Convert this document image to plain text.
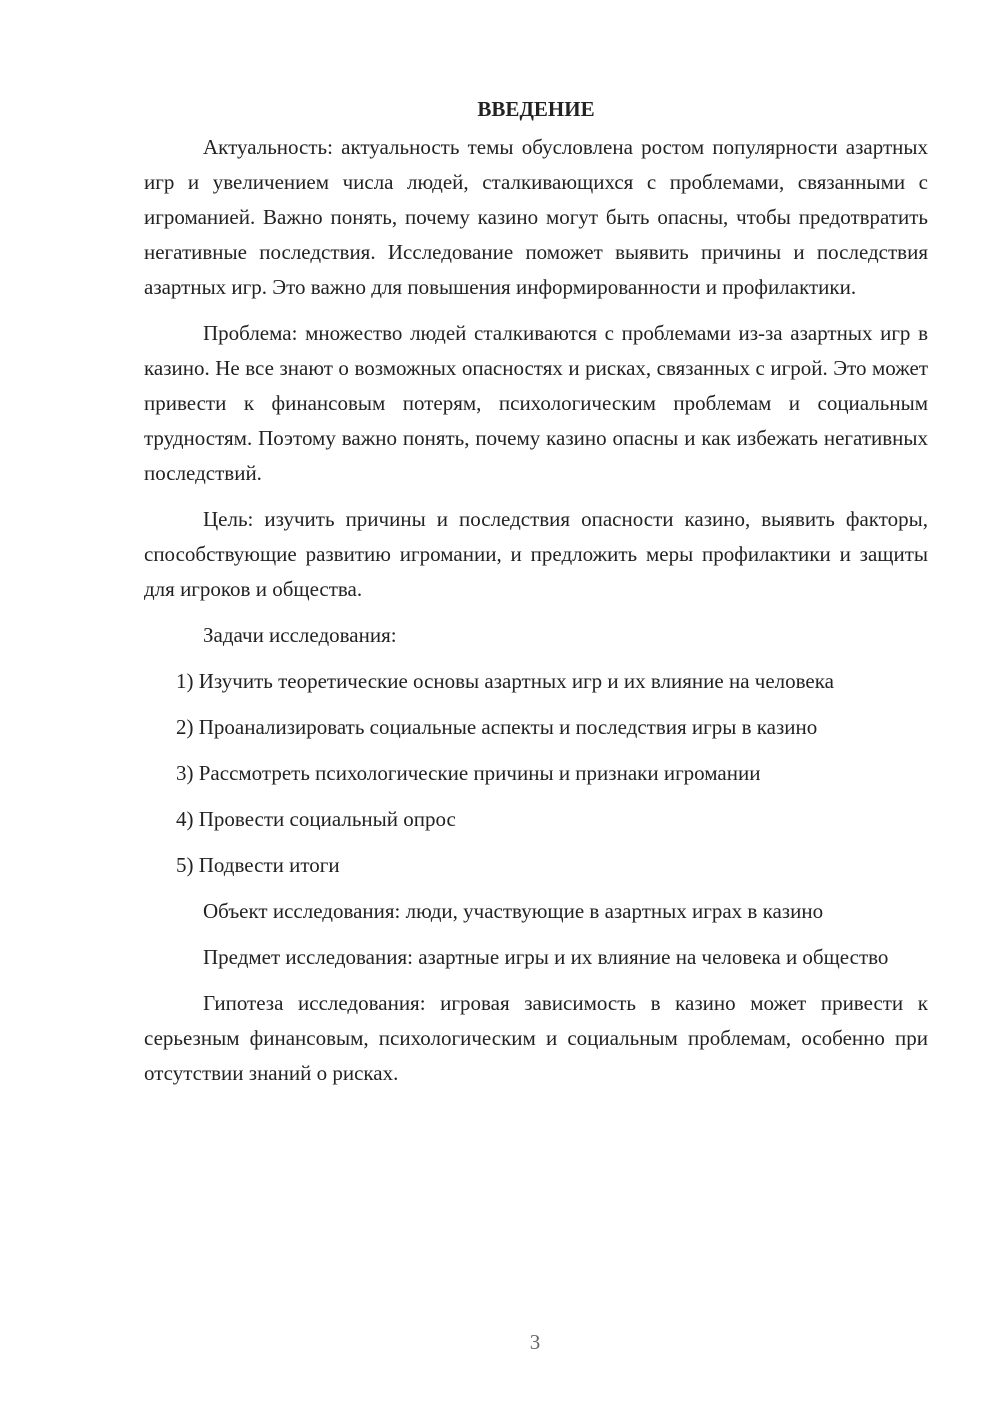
ВВЕДЕНИЕ

Актуальность: актуальность темы обусловлена ростом популярности азартных игр и увеличением числа людей, сталкивающихся с проблемами, связанными с игроманией. Важно понять, почему казино могут быть опасны, чтобы предотвратить негативные последствия. Исследование поможет выявить причины и последствия азартных игр. Это важно для повышения информированности и профилактики.

Проблема: множество людей сталкиваются с проблемами из-за азартных игр в казино. Не все знают о возможных опасностях и рисках, связанных с игрой. Это может привести к финансовым потерям, психологическим проблемам и социальным трудностям. Поэтому важно понять, почему казино опасны и как избежать негативных последствий.

Цель: изучить причины и последствия опасности казино, выявить факторы, способствующие развитию игромании, и предложить меры профилактики и защиты для игроков и общества.

Задачи исследования:

1) Изучить теоретические основы азартных игр и их влияние на человека

2) Проанализировать социальные аспекты и последствия игры в казино

3) Рассмотреть психологические причины и признаки игромании

4) Провести социальный опрос

5) Подвести итоги

Объект исследования: люди, участвующие в азартных играх в казино

Предмет исследования: азартные игры и их влияние на человека и общество

Гипотеза исследования: игровая зависимость в казино может привести к серьезным финансовым, психологическим и социальным проблемам, особенно при отсутствии знаний о рисках.

3
